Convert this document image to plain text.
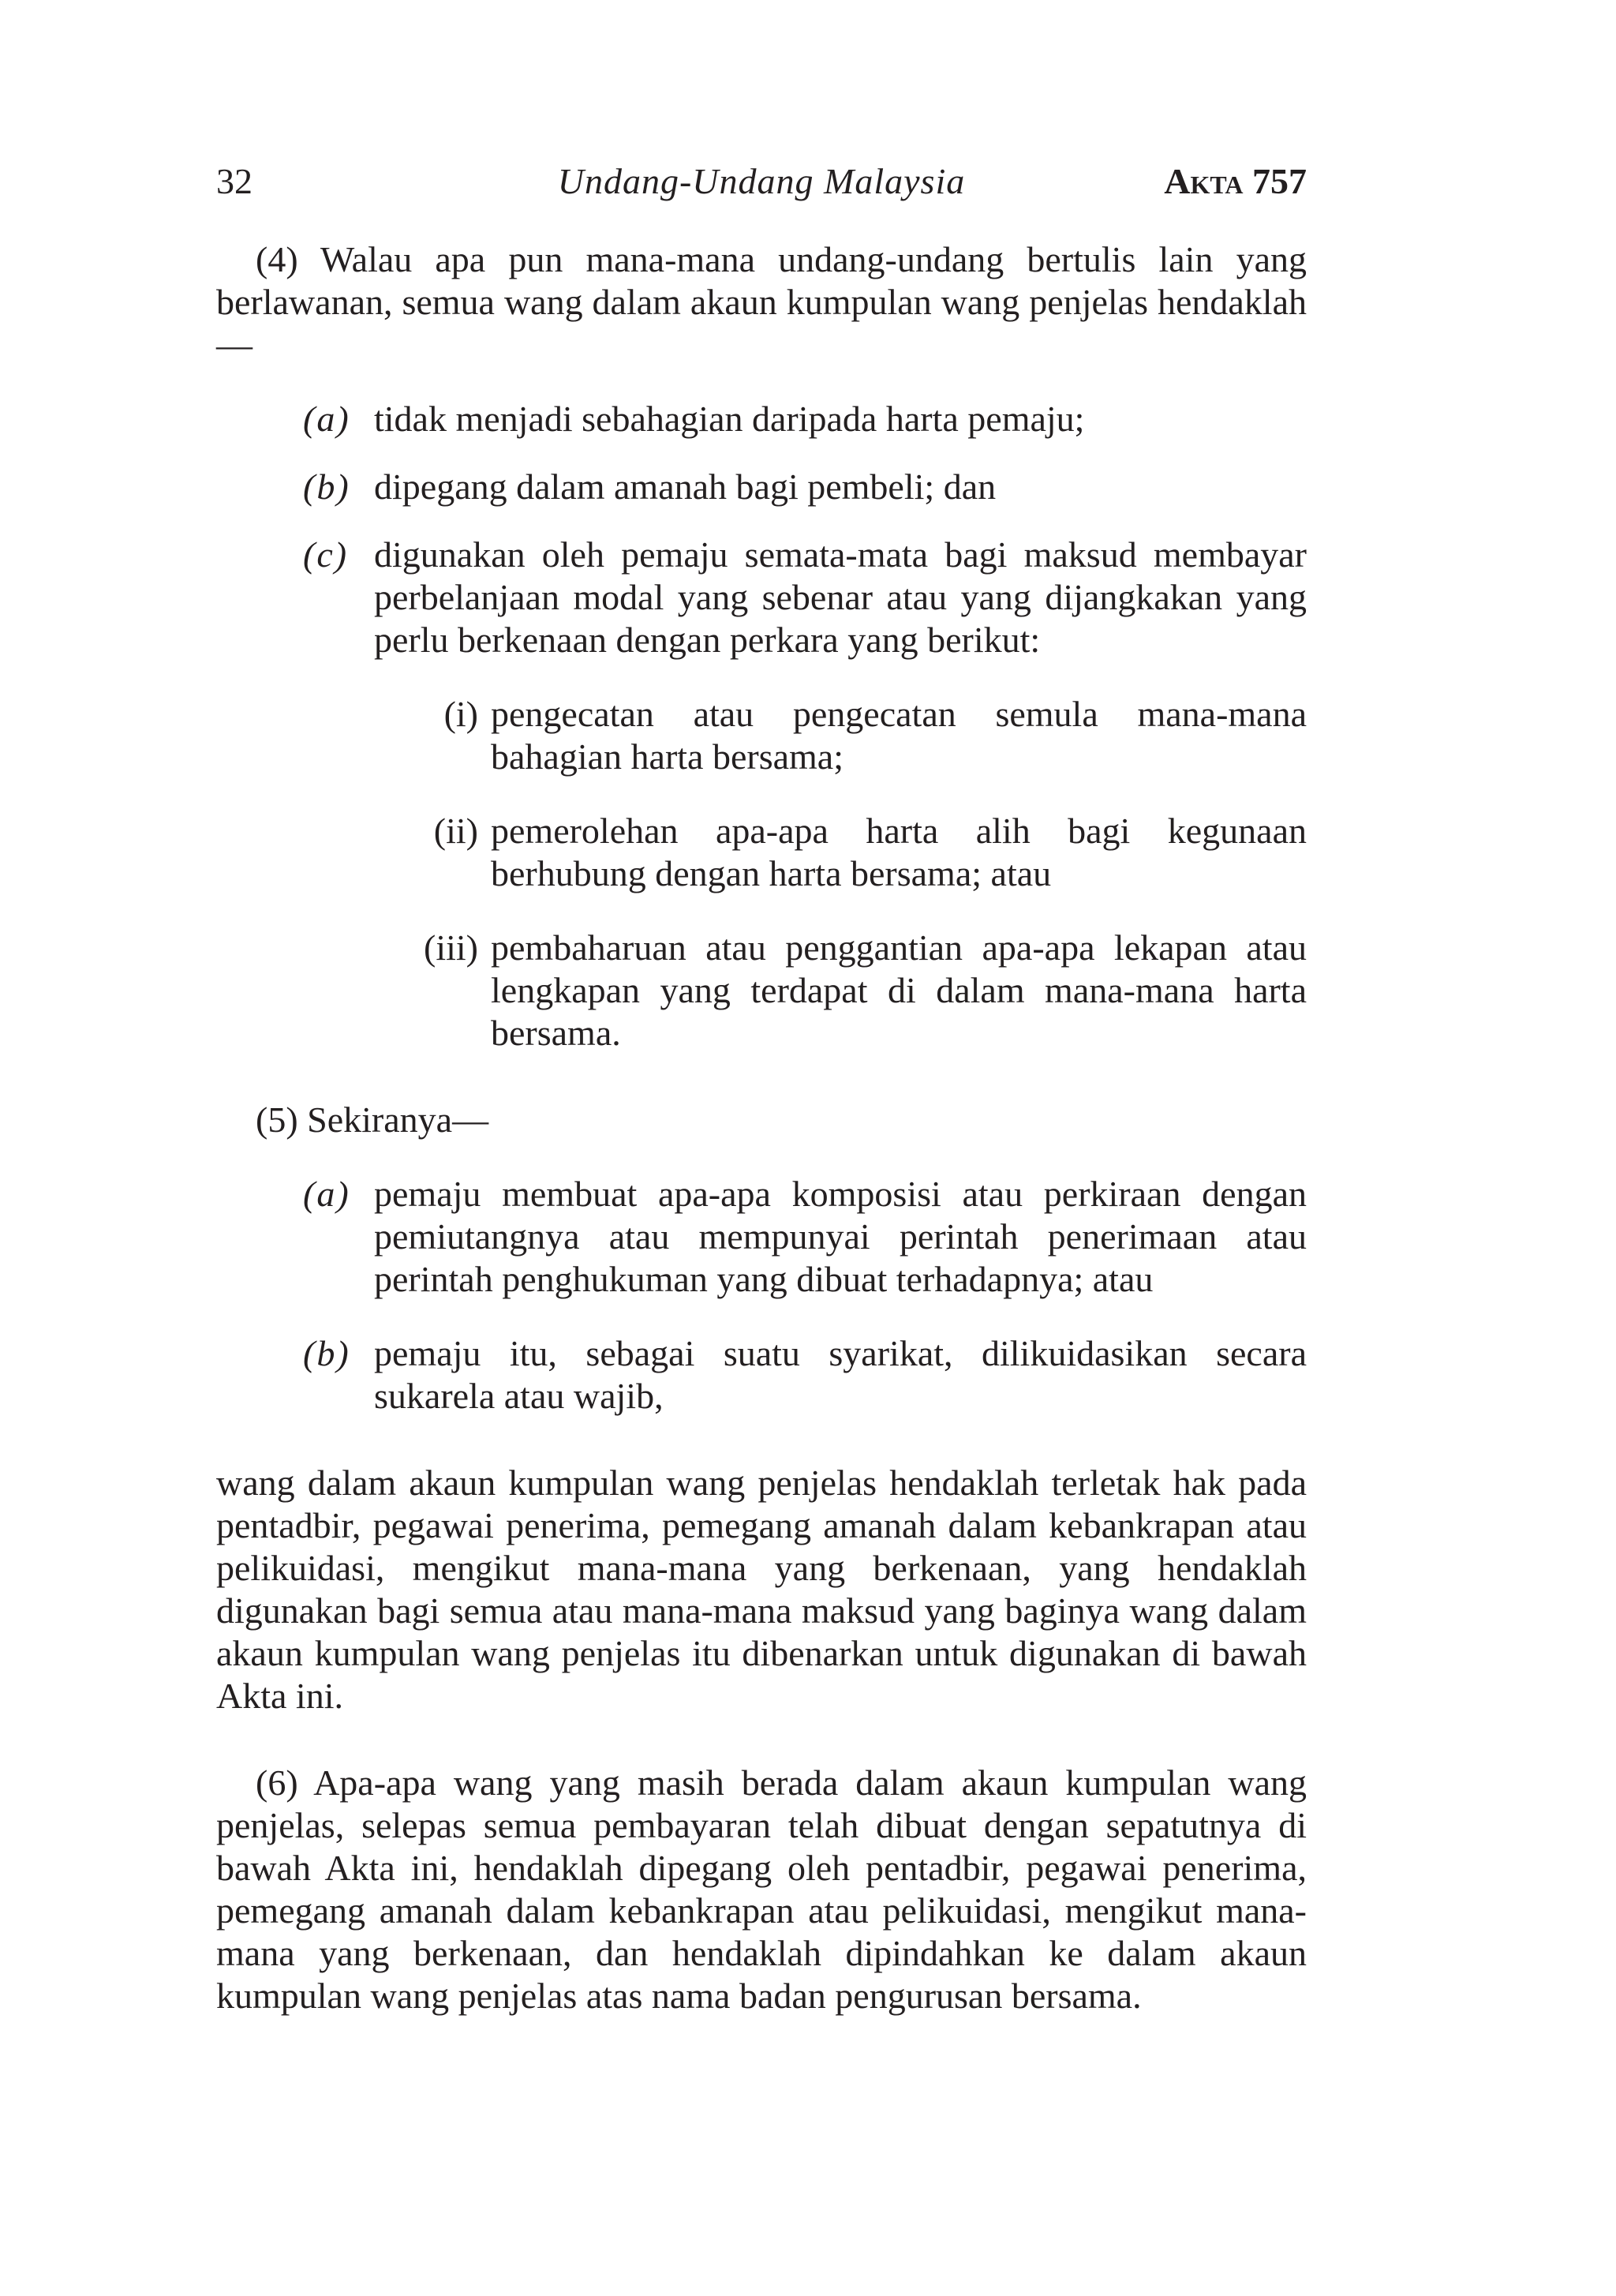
32	Undang-Undang Malaysia	Akta 757
(4) Walau apa pun mana-mana undang-undang bertulis lain yang berlawanan, semua wang dalam akaun kumpulan wang penjelas hendaklah—
(a) tidak menjadi sebahagian daripada harta pemaju;
(b) dipegang dalam amanah bagi pembeli; dan
(c) digunakan oleh pemaju semata-mata bagi maksud membayar perbelanjaan modal yang sebenar atau yang dijangkakan yang perlu berkenaan dengan perkara yang berikut:
(i) pengecatan atau pengecatan semula mana-mana bahagian harta bersama;
(ii) pemerolehan apa-apa harta alih bagi kegunaan berhubung dengan harta bersama; atau
(iii) pembaharuan atau penggantian apa-apa lekapan atau lengkapan yang terdapat di dalam mana-mana harta bersama.
(5) Sekiranya—
(a) pemaju membuat apa-apa komposisi atau perkiraan dengan pemiutangnya atau mempunyai perintah penerimaan atau perintah penghukuman yang dibuat terhadapnya; atau
(b) pemaju itu, sebagai suatu syarikat, dilikuidasikan secara sukarela atau wajib,
wang dalam akaun kumpulan wang penjelas hendaklah terletak hak pada pentadbir, pegawai penerima, pemegang amanah dalam kebankrapan atau pelikuidasi, mengikut mana-mana yang berkenaan, yang hendaklah digunakan bagi semua atau mana-mana maksud yang baginya wang dalam akaun kumpulan wang penjelas itu dibenarkan untuk digunakan di bawah Akta ini.
(6) Apa-apa wang yang masih berada dalam akaun kumpulan wang penjelas, selepas semua pembayaran telah dibuat dengan sepatutnya di bawah Akta ini, hendaklah dipegang oleh pentadbir, pegawai penerima, pemegang amanah dalam kebankrapan atau pelikuidasi, mengikut mana-mana yang berkenaan, dan hendaklah dipindahkan ke dalam akaun kumpulan wang penjelas atas nama badan pengurusan bersama.
